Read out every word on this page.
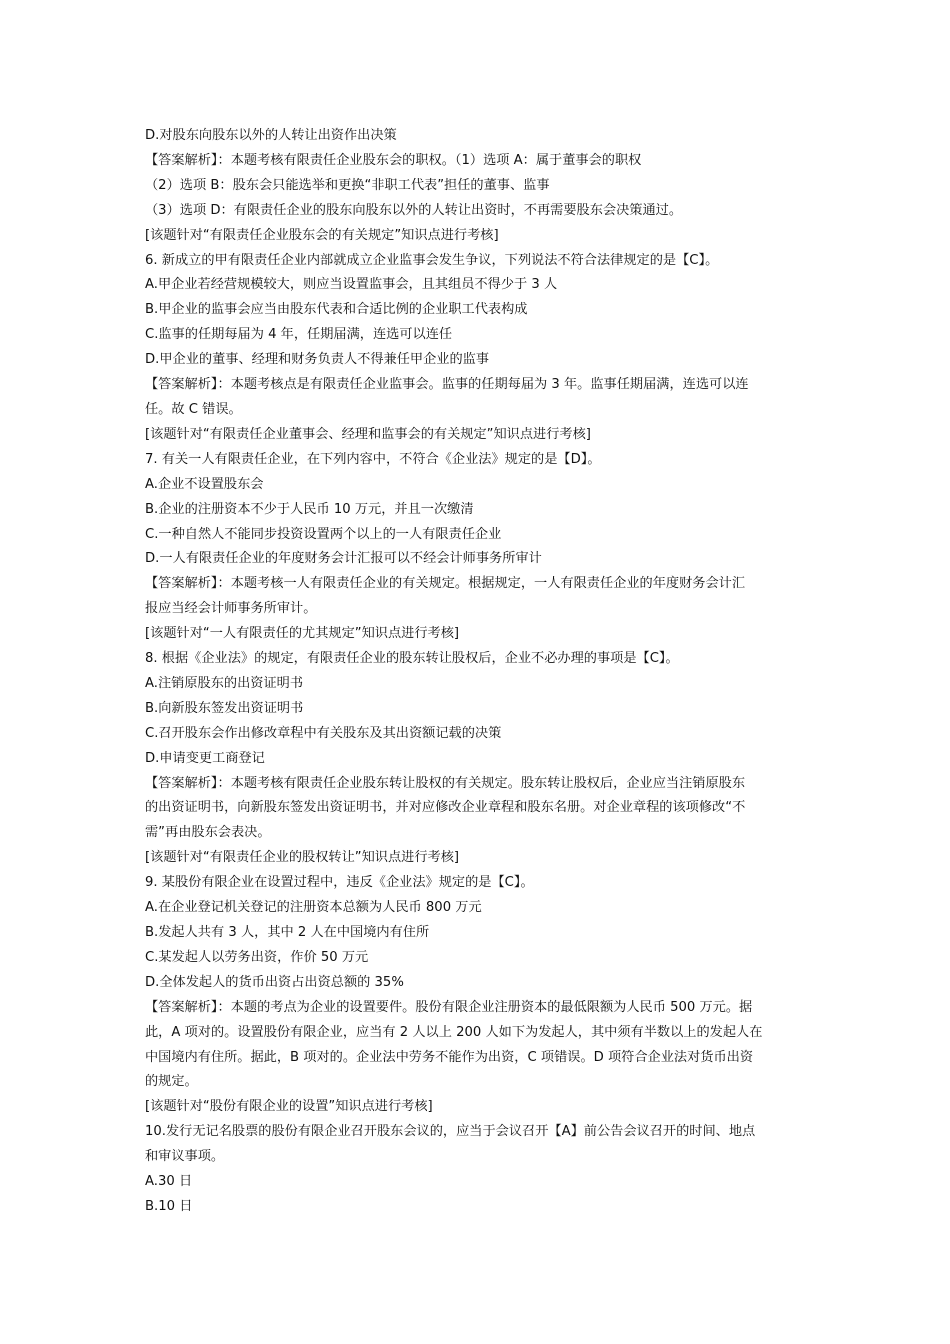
D.对股东向股东以外的人转让出资作出决策
【答案解析】：本题考核有限责任企业股东会的职权。（1）选项 A：属于董事会的职权
（2）选项 B：股东会只能选举和更换“非职工代表”担任的董事、监事
（3）选项 D：有限责任企业的股东向股东以外的人转让出资时，不再需要股东会决策通过。
[该题针对“有限责任企业股东会的有关规定”知识点进行考核]
6. 新成立的甲有限责任企业内部就成立企业监事会发生争议，下列说法不符合法律规定的是【C】。
A.甲企业若经营规模较大，则应当设置监事会，且其组员不得少于 3 人
B.甲企业的监事会应当由股东代表和合适比例的企业职工代表构成
C.监事的任期每届为 4 年，任期届满，连选可以连任
D.甲企业的董事、经理和财务负责人不得兼任甲企业的监事
【答案解析】：本题考核点是有限责任企业监事会。监事的任期每届为 3 年。监事任期届满，连选可以连
任。故 C 错误。
[该题针对“有限责任企业董事会、经理和监事会的有关规定”知识点进行考核]
7. 有关一人有限责任企业，在下列内容中，不符合《企业法》规定的是【D】。
A.企业不设置股东会
B.企业的注册资本不少于人民币 10 万元，并且一次缴清
C.一种自然人不能同步投资设置两个以上的一人有限责任企业
D.一人有限责任企业的年度财务会计汇报可以不经会计师事务所审计
【答案解析】：本题考核一人有限责任企业的有关规定。根据规定，一人有限责任企业的年度财务会计汇
报应当经会计师事务所审计。
[该题针对“一人有限责任的尤其规定”知识点进行考核]
8. 根据《企业法》的规定，有限责任企业的股东转让股权后，企业不必办理的事项是【C】。
A.注销原股东的出资证明书
B.向新股东签发出资证明书
C.召开股东会作出修改章程中有关股东及其出资额记载的决策
D.申请变更工商登记
【答案解析】：本题考核有限责任企业股东转让股权的有关规定。股东转让股权后，企业应当注销原股东
的出资证明书，向新股东签发出资证明书，并对应修改企业章程和股东名册。对企业章程的该项修改“不
需”再由股东会表决。
[该题针对“有限责任企业的股权转让”知识点进行考核]
9. 某股份有限企业在设置过程中，违反《企业法》规定的是【C】。
A.在企业登记机关登记的注册资本总额为人民币 800 万元
B.发起人共有 3 人，其中 2 人在中国境内有住所
C.某发起人以劳务出资，作价 50 万元
D.全体发起人的货币出资占出资总额的 35%
【答案解析】：本题的考点为企业的设置要件。股份有限企业注册资本的最低限额为人民币 500 万元。据
此，A 项对的。设置股份有限企业，应当有 2 人以上 200 人如下为发起人，其中须有半数以上的发起人在
中国境内有住所。据此，B 项对的。企业法中劳务不能作为出资，C 项错误。D 项符合企业法对货币出资
的规定。
[该题针对“股份有限企业的设置”知识点进行考核]
10.发行无记名股票的股份有限企业召开股东会议的，应当于会议召开【A】前公告会议召开的时间、地点
和审议事项。
A.30 日
B.10 日
